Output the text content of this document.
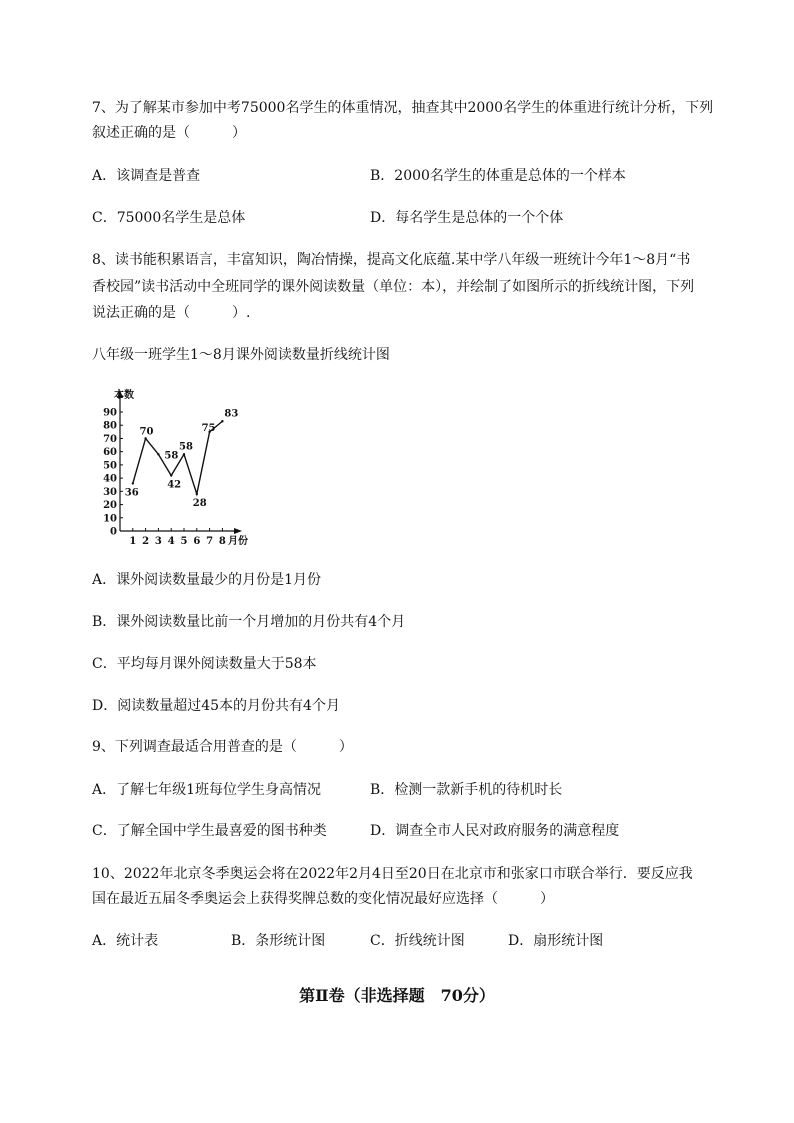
7、为了解某市参加中考75000名学生的体重情况，抽查其中2000名学生的体重进行统计分析，下列
叙述正确的是（　　　）
A．该调查是普查	B．2000名学生的体重是总体的一个样本
C．75000名学生是总体	D．每名学生是总体的一个个体
8、读书能积累语言，丰富知识，陶冶情操，提高文化底蕴.某中学八年级一班统计今年1～8月“书
香校园”读书活动中全班同学的课外阅读数量（单位：本），并绘制了如图所示的折线统计图，下列
说法正确的是（　　　）.
八年级一班学生1～8月课外阅读数量折线统计图
本数
月份
0
10
20
30
40
50
60
70
80
90
1 2 3 4 5 6 7 8
36
70
58
42
58
28
75
83
A．课外阅读数量最少的月份是1月份
B．课外阅读数量比前一个月增加的月份共有4个月
C．平均每月课外阅读数量大于58本
D．阅读数量超过45本的月份共有4个月
9、下列调查最适合用普查的是（　　　）
A．了解七年级1班每位学生身高情况	B．检测一款新手机的待机时长
C．了解全国中学生最喜爱的图书种类	D．调查全市人民对政府服务的满意程度
10、2022年北京冬季奥运会将在2022年2月4日至20日在北京市和张家口市联合举行．要反应我
国在最近五届冬季奥运会上获得奖牌总数的变化情况最好应选择（　　　）
A．统计表	B．条形统计图	C．折线统计图	D．扇形统计图
第Ⅱ卷（非选择题　70分）
